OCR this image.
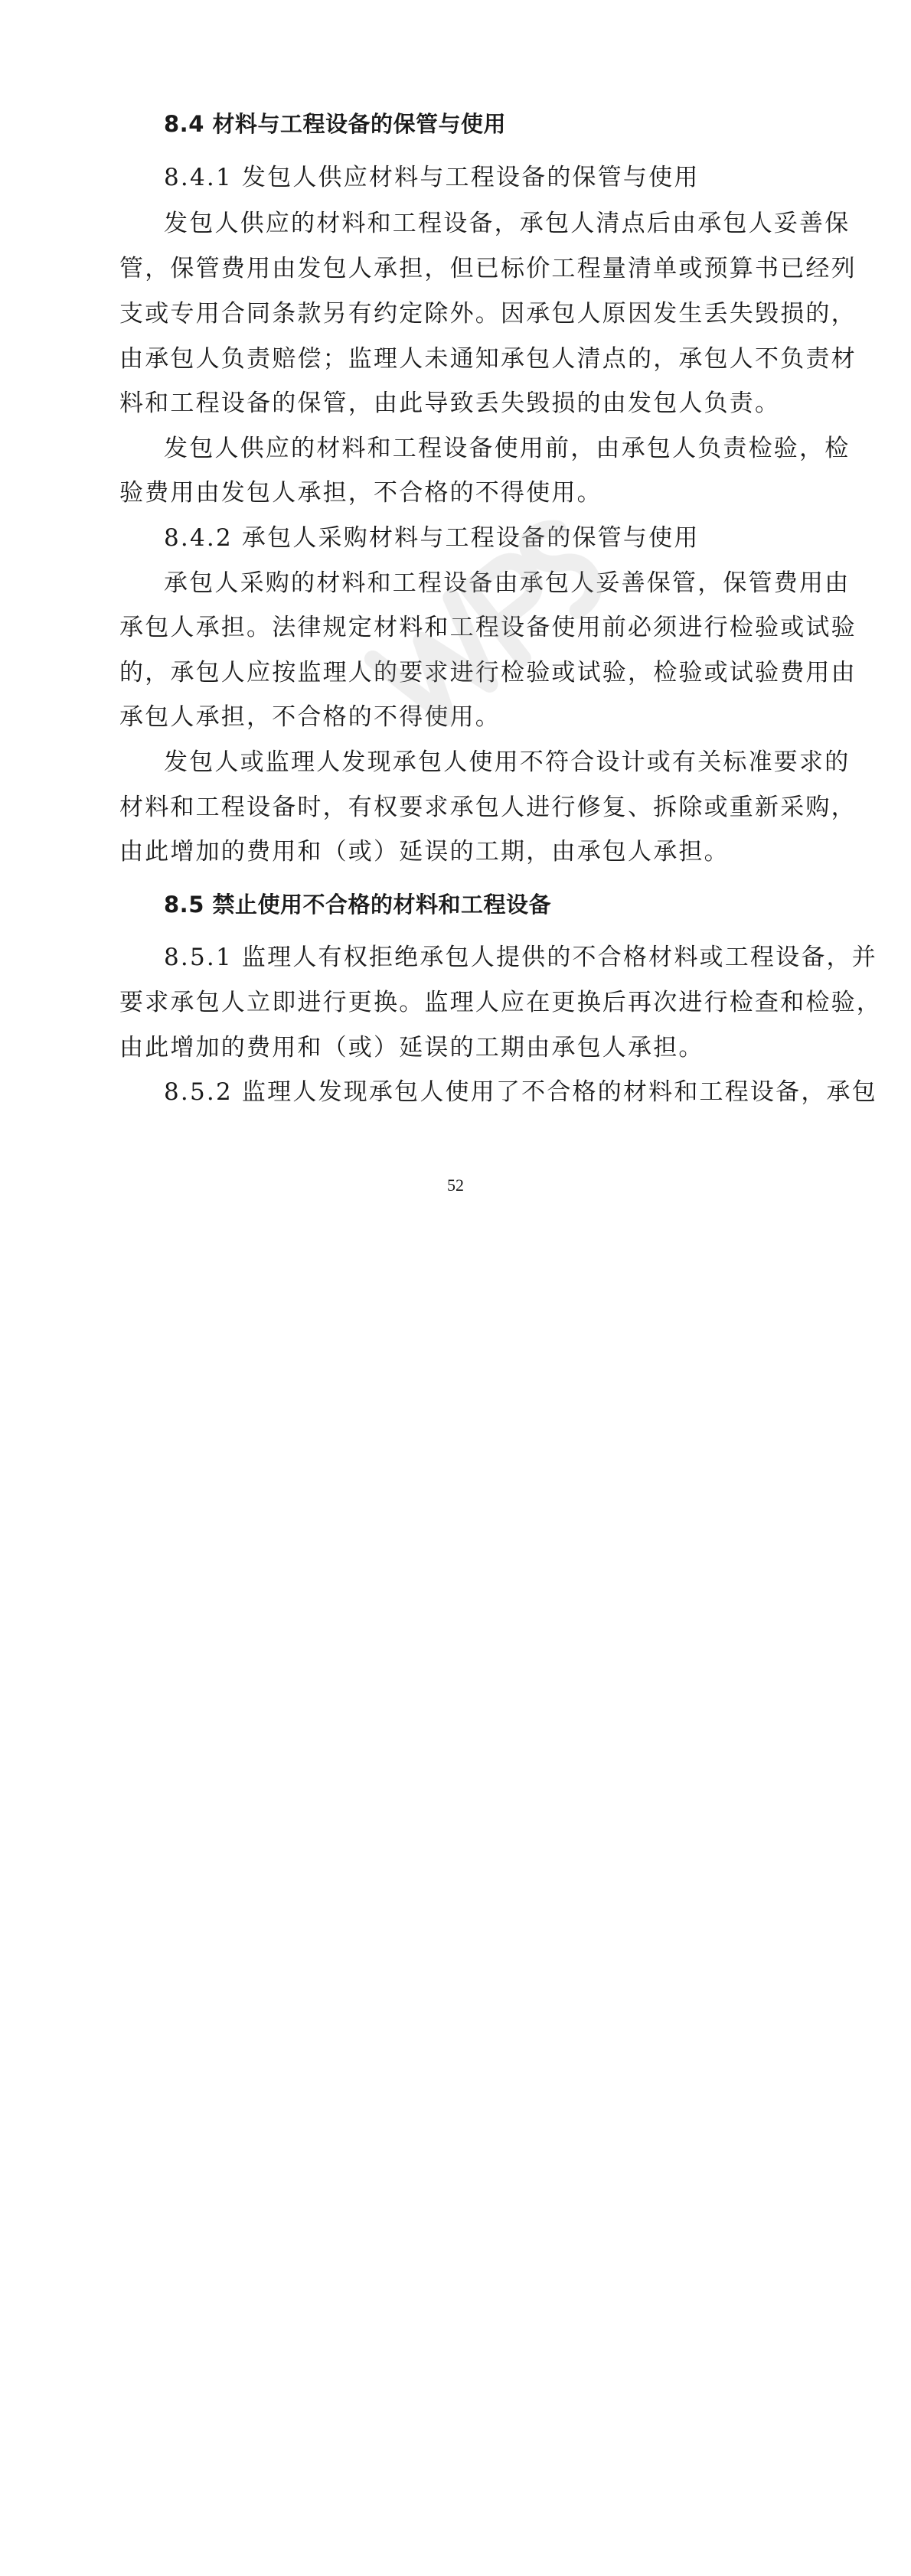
8.4 材料与工程设备的保管与使用
8.4.1 发包人供应材料与工程设备的保管与使用
发包人供应的材料和工程设备，承包人清点后由承包人妥善保
管，保管费用由发包人承担，但已标价工程量清单或预算书已经列
支或专用合同条款另有约定除外。因承包人原因发生丢失毁损的，
由承包人负责赔偿；监理人未通知承包人清点的，承包人不负责材
料和工程设备的保管，由此导致丢失毁损的由发包人负责。
发包人供应的材料和工程设备使用前，由承包人负责检验，检
验费用由发包人承担，不合格的不得使用。
8.4.2 承包人采购材料与工程设备的保管与使用
承包人采购的材料和工程设备由承包人妥善保管，保管费用由
承包人承担。法律规定材料和工程设备使用前必须进行检验或试验
的，承包人应按监理人的要求进行检验或试验，检验或试验费用由
承包人承担，不合格的不得使用。
发包人或监理人发现承包人使用不符合设计或有关标准要求的
材料和工程设备时，有权要求承包人进行修复、拆除或重新采购，
由此增加的费用和（或）延误的工期，由承包人承担。
8.5 禁止使用不合格的材料和工程设备
8.5.1 监理人有权拒绝承包人提供的不合格材料或工程设备，并
要求承包人立即进行更换。监理人应在更换后再次进行检查和检验，
由此增加的费用和（或）延误的工期由承包人承担。
8.5.2 监理人发现承包人使用了不合格的材料和工程设备，承包
52
